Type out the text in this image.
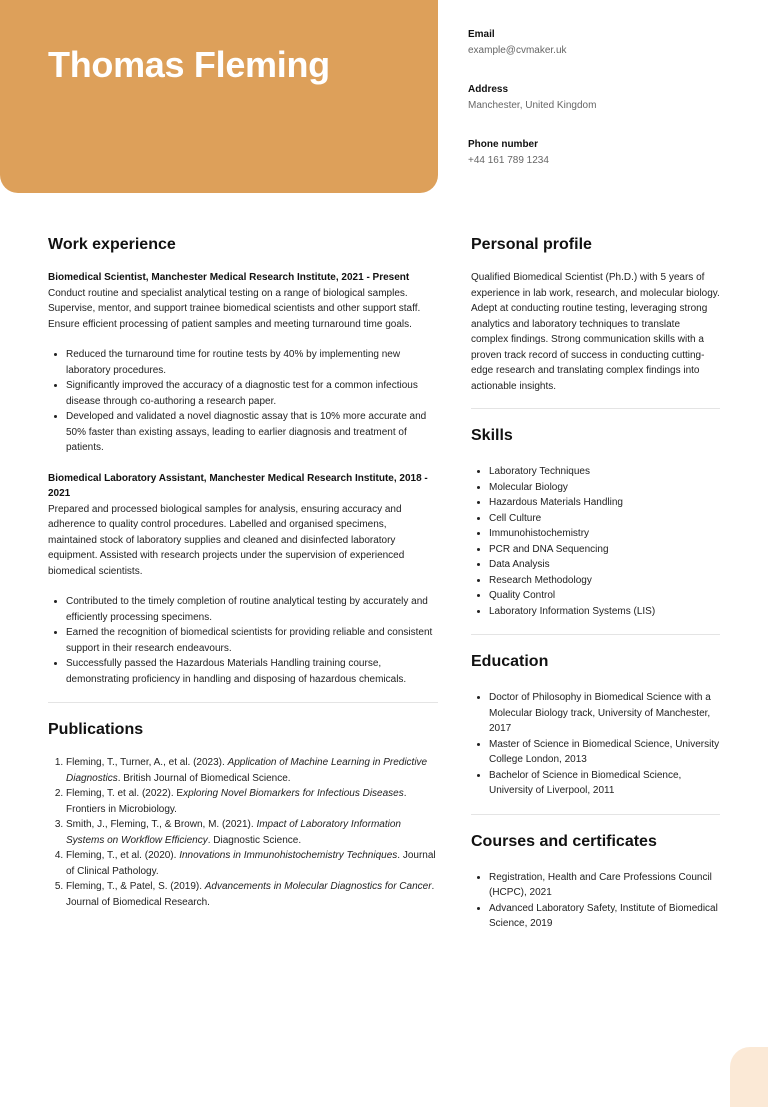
Thomas Fleming
Email
example@cvmaker.uk
Address
Manchester, United Kingdom
Phone number
+44 161 789 1234
Work experience
Biomedical Scientist, Manchester Medical Research Institute, 2021 - Present
Conduct routine and specialist analytical testing on a range of biological samples. Supervise, mentor, and support trainee biomedical scientists and other support staff. Ensure efficient processing of patient samples and meeting turnaround time goals.
• Reduced the turnaround time for routine tests by 40% by implementing new laboratory procedures.
• Significantly improved the accuracy of a diagnostic test for a common infectious disease through co-authoring a research paper.
• Developed and validated a novel diagnostic assay that is 10% more accurate and 50% faster than existing assays, leading to earlier diagnosis and treatment of patients.
Biomedical Laboratory Assistant, Manchester Medical Research Institute, 2018 - 2021
Prepared and processed biological samples for analysis, ensuring accuracy and adherence to quality control procedures. Labelled and organised specimens, maintained stock of laboratory supplies and cleaned and disinfected laboratory equipment. Assisted with research projects under the supervision of experienced biomedical scientists.
• Contributed to the timely completion of routine analytical testing by accurately and efficiently processing specimens.
• Earned the recognition of biomedical scientists for providing reliable and consistent support in their research endeavours.
• Successfully passed the Hazardous Materials Handling training course, demonstrating proficiency in handling and disposing of hazardous chemicals.
Publications
1. Fleming, T., Turner, A., et al. (2023). Application of Machine Learning in Predictive Diagnostics. British Journal of Biomedical Science.
2. Fleming, T. et al. (2022). Exploring Novel Biomarkers for Infectious Diseases. Frontiers in Microbiology.
3. Smith, J., Fleming, T., & Brown, M. (2021). Impact of Laboratory Information Systems on Workflow Efficiency. Diagnostic Science.
4. Fleming, T., et al. (2020). Innovations in Immunohistochemistry Techniques. Journal of Clinical Pathology.
5. Fleming, T., & Patel, S. (2019). Advancements in Molecular Diagnostics for Cancer. Journal of Biomedical Research.
Personal profile
Qualified Biomedical Scientist (Ph.D.) with 5 years of experience in lab work, research, and molecular biology. Adept at conducting routine testing, leveraging strong analytics and laboratory techniques to translate complex findings. Strong communication skills with a proven track record of success in conducting cutting-edge research and translating complex findings into actionable insights.
Skills
• Laboratory Techniques
• Molecular Biology
• Hazardous Materials Handling
• Cell Culture
• Immunohistochemistry
• PCR and DNA Sequencing
• Data Analysis
• Research Methodology
• Quality Control
• Laboratory Information Systems (LIS)
Education
• Doctor of Philosophy in Biomedical Science with a Molecular Biology track, University of Manchester, 2017
• Master of Science in Biomedical Science, University College London, 2013
• Bachelor of Science in Biomedical Science, University of Liverpool, 2011
Courses and certificates
• Registration, Health and Care Professions Council (HCPC), 2021
• Advanced Laboratory Safety, Institute of Biomedical Science, 2019
